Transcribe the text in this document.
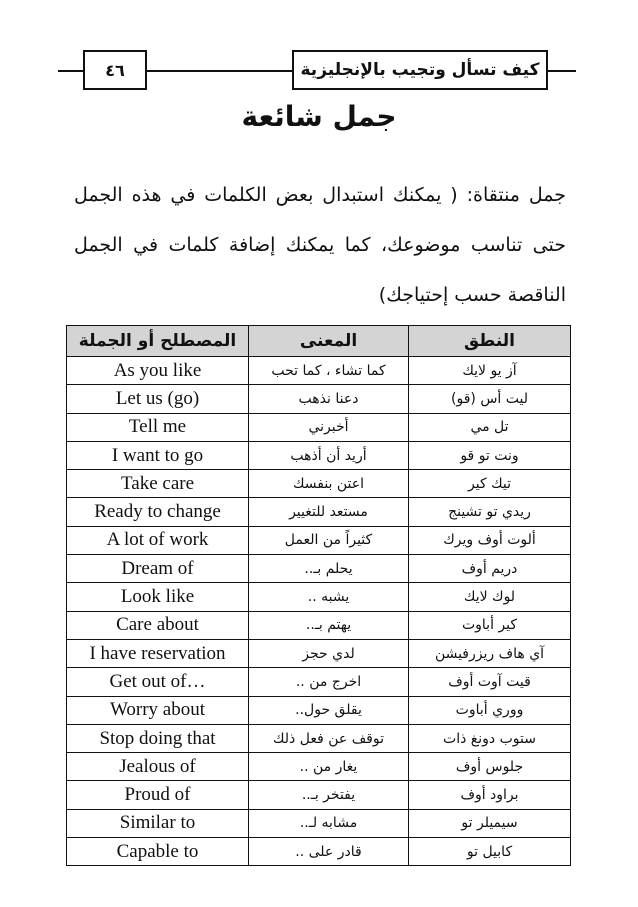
٤٦	كيف تسأل وتجيب بالإنجليزية
جمل شائعة
جمل منتقاة: ( يمكنك استبدال بعض الكلمات في هذه الجمل حتى تناسب موضوعك، كما يمكنك إضافة كلمات في الجمل الناقصة حسب إحتياجك)
المصطلح أو الجملة	المعنى	النطق
As you like	كما تشاء ، كما تحب	آز يو لايك
Let us (go)	دعنا نذهب	ليت أس (قو)
Tell me	أخبرني	تل مي
I want to go	أريد أن أذهب	ونت تو قو
Take care	اعتن بنفسك	تيك كير
Ready to change	مستعد للتغيير	ريدي تو تشينج
A lot of work	كثيراً من العمل	ألوت أوف ويرك
Dream of	يحلم بـ..	دريم أوف
Look like	يشبه ..	لوك لايك
Care about	يهتم بـ..	كير أباوت
I have reservation	لدي حجز	آي هاف ريزرفيشن
Get out of…	اخرج من ..	قيت آوت أوف
Worry about	يقلق حول..	ووري أباوت
Stop doing that	توقف عن فعل ذلك	ستوب دونغ ذات
Jealous of	يغار من ..	جلوس أوف
Proud of	يفتخر بـ..	براود أوف
Similar to	مشابه لـ..	سيميلر تو
Capable to	قادر على ..	كابيل تو
